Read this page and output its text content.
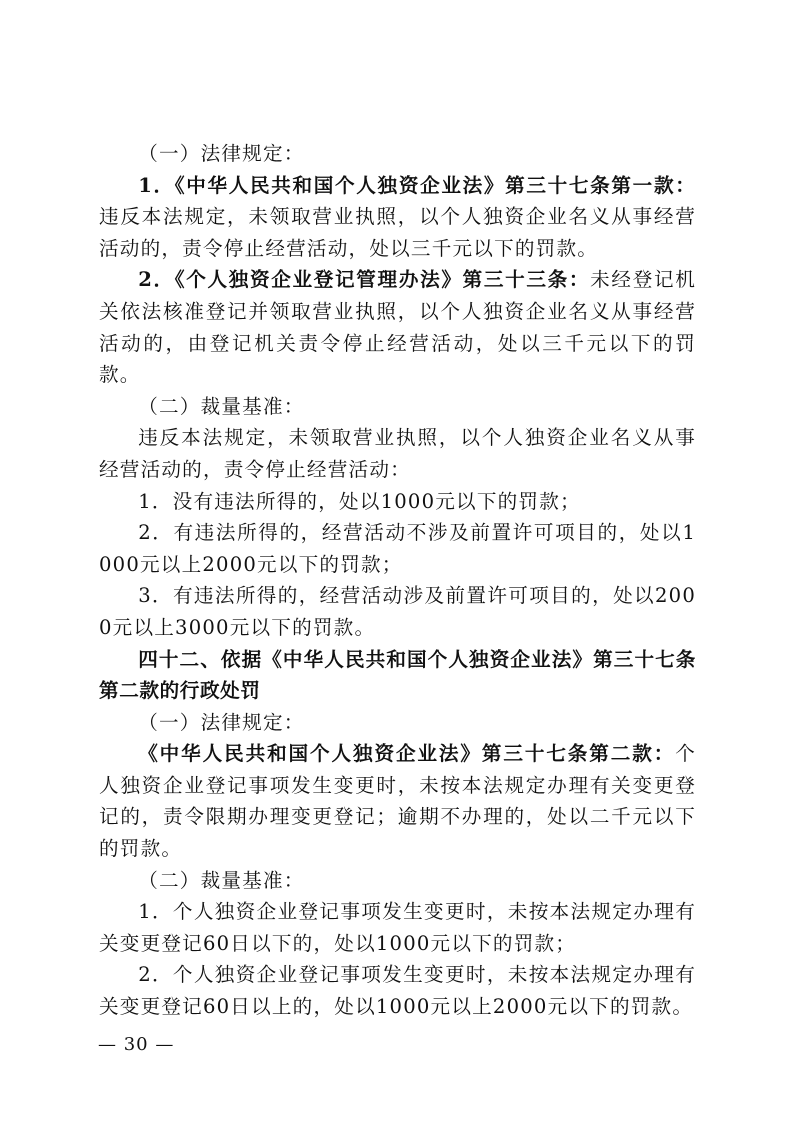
（一）法律规定：

1．《中华人民共和国个人独资企业法》第三十七条第一款：违反本法规定，未领取营业执照，以个人独资企业名义从事经营活动的，责令停止经营活动，处以三千元以下的罚款。

2．《个人独资企业登记管理办法》第三十三条：未经登记机关依法核准登记并领取营业执照，以个人独资企业名义从事经营活动的，由登记机关责令停止经营活动，处以三千元以下的罚款。

（二）裁量基准：

违反本法规定，未领取营业执照，以个人独资企业名义从事经营活动的，责令停止经营活动：

1．没有违法所得的，处以1000元以下的罚款；

2．有违法所得的，经营活动不涉及前置许可项目的，处以1000元以上2000元以下的罚款；

3．有违法所得的，经营活动涉及前置许可项目的，处以2000元以上3000元以下的罚款。

四十二、依据《中华人民共和国个人独资企业法》第三十七条第二款的行政处罚

（一）法律规定：

《中华人民共和国个人独资企业法》第三十七条第二款：个人独资企业登记事项发生变更时，未按本法规定办理有关变更登记的，责令限期办理变更登记；逾期不办理的，处以二千元以下的罚款。

（二）裁量基准：

1．个人独资企业登记事项发生变更时，未按本法规定办理有关变更登记60日以下的，处以1000元以下的罚款；

2．个人独资企业登记事项发生变更时，未按本法规定办理有关变更登记60日以上的，处以1000元以上2000元以下的罚款。

— 30 —
